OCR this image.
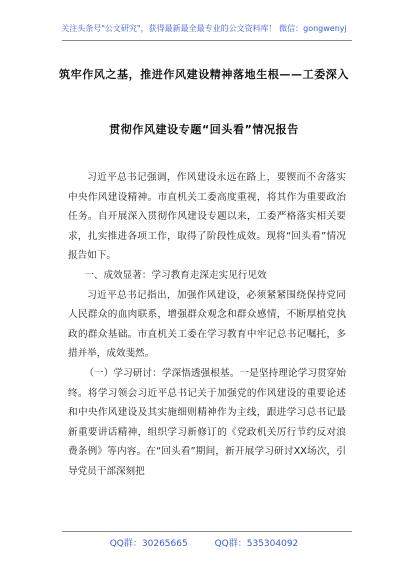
关注头条号"公文研究"，获得最新最全最专业的公文资料库！ 微信：gongwenyj
筑牢作风之基，推进作风建设精神落地生根——工委深入
贯彻作风建设专题“回头看”情况报告

习近平总书记强调，作风建设永远在路上，要锲而不舍落实中央作风建设精神。市直机关工委高度重视，将其作为重要政治任务。自开展深入贯彻作风建设专题以来，工委严格落实相关要求，扎实推进各项工作，取得了阶段性成效。现将“回头看”情况报告如下。

一、成效显著：学习教育走深走实见行见效

习近平总书记指出，加强作风建设，必须紧紧围绕保持党同人民群众的血肉联系，增强群众观念和群众感情，不断厚植党执政的群众基础。市直机关工委在学习教育中牢记总书记嘱托，多措并举，成效斐然。

（一）学习研讨：学深悟透强根基。一是坚持理论学习贯穿始终。将学习领会习近平总书记关于加强党的作风建设的重要论述和中央作风建设及其实施细则精神作为主线，跟进学习总书记最新重要讲话精神，组织学习新修订的《党政机关厉行节约反对浪费条例》等内容。在“回头看”期间，新开展学习研讨XX场次，引导党员干部深刻把

QQ群：30265665	QQ群：535304092
